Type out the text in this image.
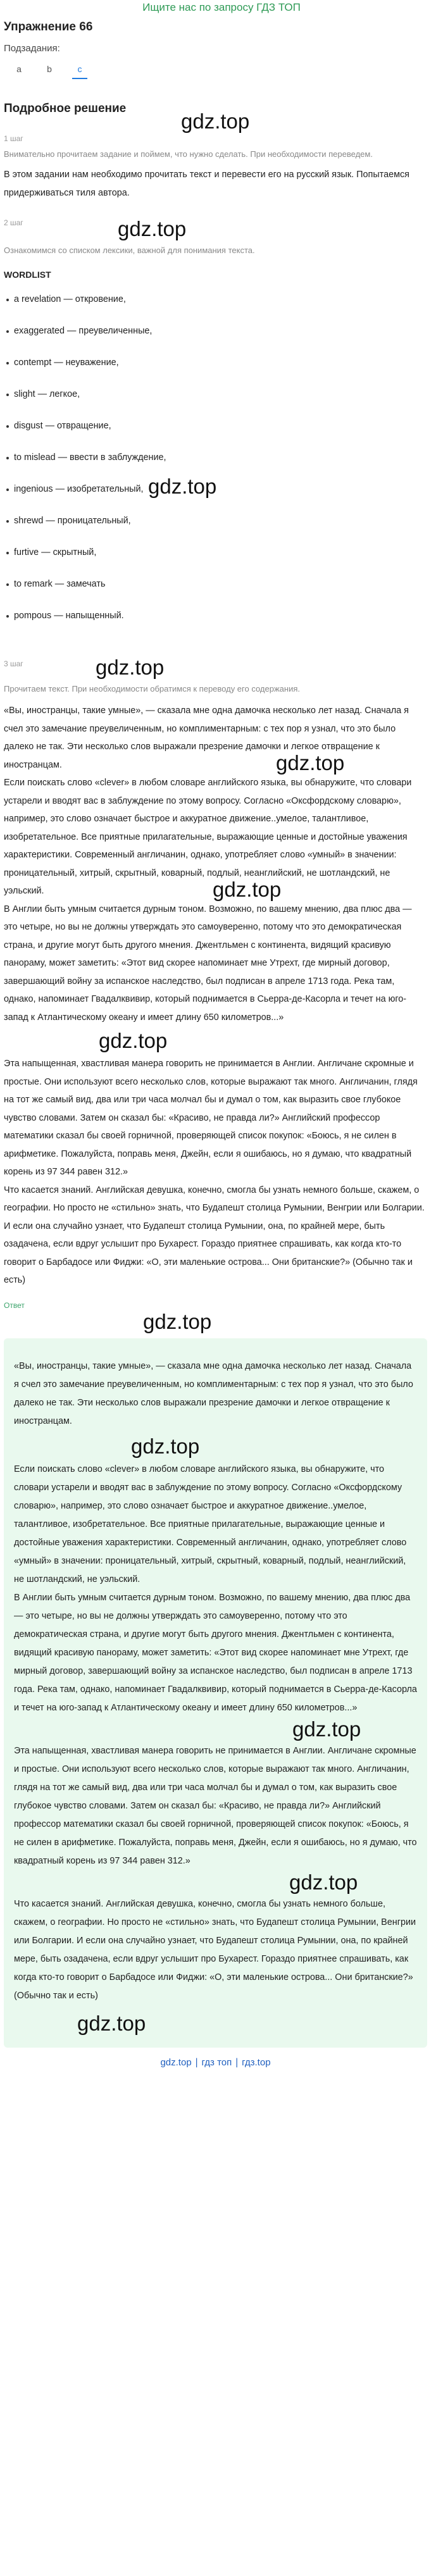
Ищите нас по запросу ГДЗ ТОП
Упражнение 66
Подзадания:
a	b	c
Подробное решение
gdz.top
1 шаг
Внимательно прочитаем задание и поймем, что нужно сделать. При необходимости переведем.
В этом задании нам необходимо прочитать текст и перевести его на русский язык. Попытаемся придерживаться тиля автора.
2 шаг	gdz.top
Ознакомимся со списком лексики, важной для понимания текста.
WORDLIST
a revelation — откровение,
exaggerated — преувеличенные,
contempt — неуважение,
slight — легкое,
disgust — отвращение,
to mislead — ввести в заблуждение,
ingenious — изобретательный,
shrewd — проницательный,
furtive — скрытный,
to remark — замечать
pompous — напыщенный.
gdz.top
3 шаг	gdz.top
Прочитаем текст. При необходимости обратимся к переводу его содержания.
«Вы, иностранцы, такие умные», — сказала мне одна дамочка несколько лет назад. Сначала я счел это замечание преувеличенным, но комплиментарным: с тех пор я узнал, что это было далеко не так. Эти несколько слов выражали презрение дамочки и легкое отвращение к иностранцам.	gdz.top
Если поискать слово «clever» в любом словаре английского языка, вы обнаружите, что словари устарели и вводят вас в заблуждение по этому вопросу. Согласно «Оксфордскому словарю», например, это слово означает быстрое и аккуратное движение..умелое, талантливое, изобретательное. Все приятные прилагательные, выражающие ценные и достойные уважения характеристики. Современный англичанин, однако, употребляет слово «умный» в значении: проницательный, хитрый, скрытный, коварный, подлый, неанглийский, не шотландский, не уэльский.	gdz.top
В Англии быть умным считается дурным тоном. Возможно, по вашему мнению, два плюс два — это четыре, но вы не должны утверждать это самоуверенно, потому что это демократическая страна, и другие могут быть другого мнения. Джентльмен с континента, видящий красивую панораму, может заметить: «Этот вид скорее напоминает мне Утрехт, где мирный договор, завершающий войну за испанское наследство, был подписан в апреле 1713 года. Река там, однако, напоминает Гвадалквивир, который поднимается в Сьерра-де-Касорла и течет на юго-запад к Атлантическому океану и имеет длину 650 километров...»
gdz.top
Эта напыщенная, хвастливая манера говорить не принимается в Англии. Англичане скромные и простые. Они используют всего несколько слов, которые выражают так много. Англичанин, глядя на тот же самый вид, два или три часа молчал бы и думал о том, как выразить свое глубокое чувство словами. Затем он сказал бы: «Красиво, не правда ли?» Английский профессор математики сказал бы своей горничной, проверяющей список покупок: «Боюсь, я не силен в арифметике. Пожалуйста, поправь меня, Джейн, если я ошибаюсь, но я думаю, что квадратный корень из 97 344 равен 312.»
Что касается знаний. Английская девушка, конечно, смогла бы узнать немного больше, скажем, о географии. Но просто не «стильно» знать, что Будапешт столица Румынии, Венгрии или Болгарии. И если она случайно узнает, что Будапешт столица Румынии, она, по крайней мере, быть озадачена, если вдруг услышит про Бухарест. Гораздо приятнее спрашивать, как когда кто-то говорит о Барбадосе или Фиджи: «О, эти маленькие острова... Они британские?» (Обычно так и есть)
Ответ
gdz.top
«Вы, иностранцы, такие умные», — сказала мне одна дамочка несколько лет назад. Сначала я счел это замечание преувеличенным, но комплиментарным: с тех пор я узнал, что это было далеко не так. Эти несколько слов выражали презрение дамочки и легкое отвращение к иностранцам.
gdz.top
Если поискать слово «clever» в любом словаре английского языка, вы обнаружите, что словари устарели и вводят вас в заблуждение по этому вопросу. Согласно «Оксфордскому словарю», например, это слово означает быстрое и аккуратное движение..умелое, талантливое, изобретательное. Все приятные прилагательные, выражающие ценные и достойные уважения характеристики. Современный англичанин, однако, употребляет слово «умный» в значении: проницательный, хитрый, скрытный, коварный, подлый, неанглийский, не шотландский, не уэльский.
В Англии быть умным считается дурным тоном. Возможно, по вашему мнению, два плюс два — это четыре, но вы не должны утверждать это самоуверенно, потому что это демократическая страна, и другие могут быть другого мнения. Джентльмен с континента, видящий красивую панораму, может заметить: «Этот вид скорее напоминает мне Утрехт, где мирный договор, завершающий войну за испанское наследство, был подписан в апреле 1713 года. Река там, однако, напоминает Гвадалквивир, который поднимается в Сьерра-де-Касорла и течет на юго-запад к Атлантическому океану и имеет длину 650 километров...»
gdz.top
Эта напыщенная, хвастливая манера говорить не принимается в Англии. Англичане скромные и простые. Они используют всего несколько слов, которые выражают так много. Англичанин, глядя на тот же самый вид, два или три часа молчал бы и думал о том, как выразить свое глубокое чувство словами. Затем он сказал бы: «Красиво, не правда ли?» Английский профессор математики сказал бы своей горничной, проверяющей список покупок: «Боюсь, я не силен в арифметике. Пожалуйста, поправь меня, Джейн, если я ошибаюсь, но я думаю, что квадратный корень из 97 344 равен 312.»
gdz.top
Что касается знаний. Английская девушка, конечно, смогла бы узнать немного больше, скажем, о географии. Но просто не «стильно» знать, что Будапешт столица Румынии, Венгрии или Болгарии. И если она случайно узнает, что Будапешт столица Румынии, она, по крайней мере, быть озадачена, если вдруг услышит про Бухарест. Гораздо приятнее спрашивать, как когда кто-то говорит о Барбадосе или Фиджи: «О, эти маленькие острова... Они британские?» (Обычно так и есть)
gdz.top
gdz.top ∣ гдз топ ∣ гдз.top
